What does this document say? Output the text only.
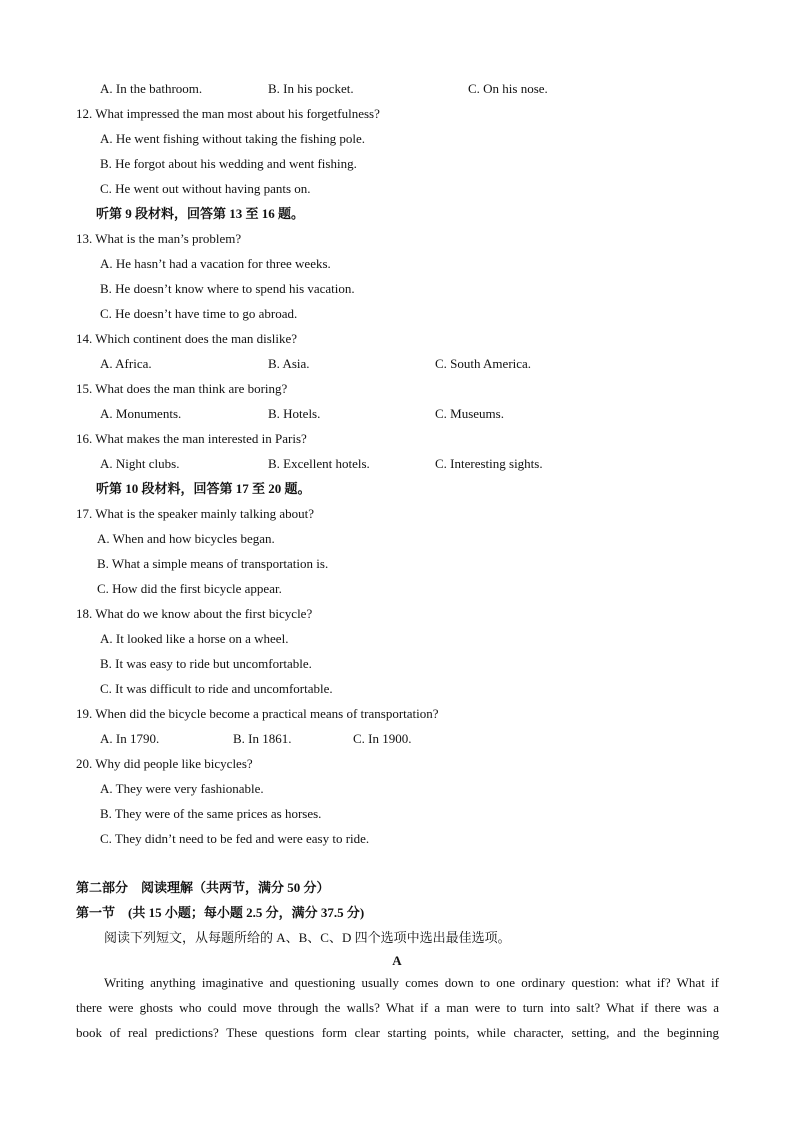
A. In the bathroom.	B. In his pocket.	C. On his nose.
12. What impressed the man most about his forgetfulness?
A. He went fishing without taking the fishing pole.
B. He forgot about his wedding and went fishing.
C. He went out without having pants on.
听第 9 段材料，回答第 13 至 16 题。
13. What is the man’s problem?
A. He hasn’t had a vacation for three weeks.
B. He doesn’t know where to spend his vacation.
C. He doesn’t have time to go abroad.
14. Which continent does the man dislike?
A. Africa.	B. Asia.	C. South America.
15. What does the man think are boring?
A. Monuments.	B. Hotels.	C. Museums.
16. What makes the man interested in Paris?
A. Night clubs.	B. Excellent hotels.	C. Interesting sights.
听第 10 段材料，回答第 17 至 20 题。
17. What is the speaker mainly talking about?
A. When and how bicycles began.
B. What a simple means of transportation is.
C. How did the first bicycle appear.
18. What do we know about the first bicycle?
A. It looked like a horse on a wheel.
B. It was easy to ride but uncomfortable.
C. It was difficult to ride and uncomfortable.
19. When did the bicycle become a practical means of transportation?
A. In 1790.	B. In 1861.	C. In 1900.
20. Why did people like bicycles?
A. They were very fashionable.
B. They were of the same prices as horses.
C. They didn’t need to be fed and were easy to ride.
第二部分　阅读理解（共两节，满分 50 分）
第一节　(共 15 小题；每小题 2.5 分，满分 37.5 分)
阅读下列短文，从每题所给的 A、B、C、D 四个选项中选出最佳选项。
A
Writing anything imaginative and questioning usually comes down to one ordinary question: what if? What if
there were ghosts who could move through the walls? What if a man were to turn into salt? What if there was a
book of real predictions? These questions form clear starting points, while character, setting, and the beginning
